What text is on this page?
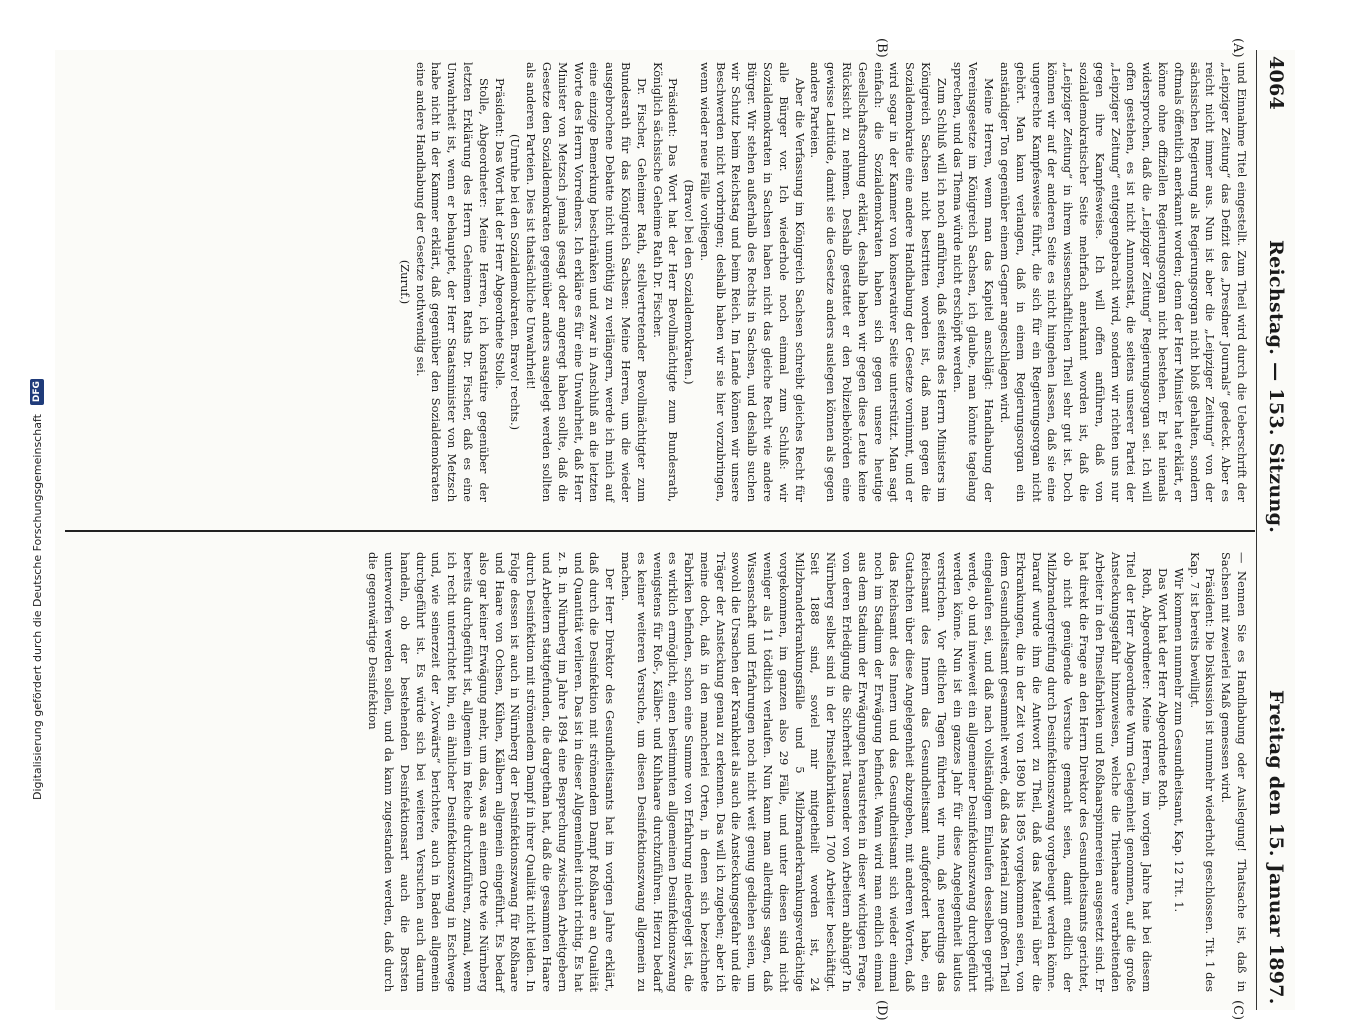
4064
Reichstag. — 153. Sitzung.
Freitag den 15. Januar 1897.
(A)
(B)
(C)
(D)

und Einnahme Titel eingestellt. Zum Theil wird durch die Ueberschrift der „Leipziger Zeitung“ das Defizit des „Dresdner Journals“ gedeckt. Aber es reicht nicht immer aus. Nun ist aber die „Leipziger Zeitung“ von der sächsischen Regierung als Regierungsorgan nicht bloß gehalten, sondern oftmals öffentlich anerkannt worden; denn der Herr Minister hat erklärt, er könne ohne offiziellen Regierungsorgan nicht bestehen. Er hat niemals widersprochen, daß die „Leipziger Zeitung“ Regierungsorgan sei. Ich will offen gestehen, es ist nicht Annnonstat, die seitens unserer Partei der „Leipziger Zeitung“ entgegengebracht wird, sondern wir richten uns nur gegen ihre Kampfesweise. Ich will offen anführen, daß von sozialdemokratischer Seite mehrfach anerkannt worden ist, daß die „Leipziger Zeitung“ in ihrem wissenschaftlichen Theil sehr gut ist. Doch können wir auf der anderen Seite es nicht hingehen lassen, daß sie eine ungerechte Kampfesweise führt, die sich für ein Regierungsorgan nicht gehört. Man kann verlangen, daß in einem Regierungsorgan ein anständiger Ton gegenüber einem Gegner angeschlagen wird.

Meine Herren, wenn man das Kapitel anschlägt: Handhabung der Vereinsgesetze im Königreich Sachsen, ich glaube, man könnte tagelang sprechen, und das Thema würde nicht erschöpft werden.

Zum Schluß will ich noch anführen, daß seitens des Herrn Ministers im Königreich Sachsen nicht bestritten worden ist, daß man gegen die Sozialdemokratie eine andere Handhabung der Gesetze vornimmt, und er wird sogar in der Kammer von konservativer Seite unterstützt. Man sagt einfach: die Sozialdemokraten haben sich gegen unsere heutige Gesellschaftsordnung erklärt, deshalb haben wir gegen diese Leute keine Rücksicht zu nehmen. Deshalb gestattet er den Polizeibehörden eine gewisse Latitüde, damit sie die Gesetze anders auslegen können als gegen andere Parteien.

Aber die Verfassung im Königreich Sachsen schreibt gleiches Recht für alle Bürger vor. Ich wiederhole noch einmal zum Schluß: wir Sozialdemokraten in Sachsen haben nicht das gleiche Recht wie andere Bürger. Wir stehen außerhalb des Rechts in Sachsen, und deshalb suchen wir Schutz beim Reichstag und beim Reich. Im Lande können wir unsere Beschwerden nicht vorbringen; deshalb haben wir sie hier vorzubringen, wenn wieder neue Fälle vorliegen.

(Bravo! bei den Sozialdemokraten.)

Präsident: Das Wort hat der Herr Bevollmächtigte zum Bundesrath, Königlich sächsische Geheime Rath Dr. Fischer.

Dr. Fischer, Geheimer Rath, stellvertretender Bevollmächtigter zum Bundesrath für das Königreich Sachsen: Meine Herren, um die wieder ausgebrochene Debatte nicht unnöthig zu verlängern, werde ich mich auf eine einzige Bemerkung beschränken und zwar in Anschluß an die letzten Worte des Herrn Vorredners. Ich erkläre es für eine Unwahrheit, daß Herr Minister von Metzsch jemals gesagt oder angeregt haben sollte, daß die Gesetze den Sozialdemokraten gegenüber anders ausgelegt werden sollten als anderen Parteien. Dies ist thatsächliche Unwahrheit!

(Unruhe bei den Sozialdemokraten. Bravo! rechts.)

Präsident: Das Wort hat der Herr Abgeordnete Stolle.

Stolle, Abgeordneter: Meine Herren, ich konstatire gegenüber der letzten Erklärung des Herrn Geheimen Raths Dr. Fischer, daß es eine Unwahrheit ist, wenn er behauptet, der Herr Staatsminister von Metzsch habe nicht in der Kammer erklärt, daß gegenüber den Sozialdemokraten eine andere Handhabung der Gesetze nothwendig sei.

(Zuruf.)

— Nennen Sie es Handhabung oder Auslegung! Thatsache ist, daß in Sachsen mit zweierlei Maß gemessen wird.

Präsident: Die Diskussion ist nunmehr wiederholt geschlossen. Tit. 1 des Kap. 7 ist bereits bewilligt.

Wir kommen nunmehr zum Gesundheitsamt, Kap. 12 Tit. 1.

Das Wort hat der Herr Abgeordnete Roth.

Roth, Abgeordneter: Meine Herren, im vorigen Jahre hat bei diesem Titel der Herr Abgeordnete Wurm Gelegenheit genommen, auf die große Ansteckungsgefahr hinzuweisen, welche die Thierhaare verarbeitenden Arbeiter in den Pinselfabriken und Roßhaarspinnereien ausgesetzt sind. Er hat direkt die Frage an den Herrn Direktor des Gesundheitsamts gerichtet, ob nicht genügende Versuche gemacht seien, damit endlich der Milzbrandergreifung durch Desinfektionszwang vorgebeugt werden könne. Darauf wurde ihm die Antwort zu Theil, daß das Material über die Erkrankungen, die in der Zeit von 1890 bis 1895 vorgekommen seien, von dem Gesundheitsamt gesammelt werde, daß das Material zum großen Theil eingelaufen sei, und daß nach vollständigem Einlaufen desselben geprüft werde, ob und inwieweit ein allgemeiner Desinfektionszwang durchgeführt werden könne. Nun ist ein ganzes Jahr für diese Angelegenheit lautlos verstrichen. Vor etlichen Tagen führten wir nun, daß neuerdings das Reichsamt des Innern das Gesundheitsamt aufgefordert habe, ein Gutachten über diese Angelegenheit abzugeben, mit anderen Worten, daß das Reichsamt des Innern und das Gesundheitsamt sich wieder einmal noch im Stadium der Erwägung befindet. Wann wird man endlich einmal aus dem Stadium der Erwägungen heraustreten in dieser wichtigen Frage, von deren Erledigung die Sicherheit Tausender von Arbeitern abhängt? In Nürnberg selbst sind in der Pinselfabrikation 1700 Arbeiter beschäftigt. Seit 1888 sind, soviel mir mitgetheilt worden ist, 24 Milzbranderkrankungsfälle und 5 Milzbranderkrankungsverdächtige vorgekommen, im ganzen also 29 Fälle, und unter diesen sind nicht weniger als 11 tödtlich verlaufen. Nun kann man allerdings sagen, daß Wissenschaft und Erfahrungen noch nicht weit genug gediehen seien, um sowohl die Ursachen der Krankheit als auch die Ansteckungsgefahr und die Träger der Ansteckung genau zu erkennen. Das will ich zugeben; aber ich meine doch, daß in den mancherlei Orten, in denen sich bezeichnete Fabriken befinden, schon eine Summe von Erfahrung niedergelegt ist, die es wirklich ermöglicht, einen bestimmten allgemeinen Desinfektionszwang wenigstens für Roß-, Kälber- und Kuhhaare durchzuführen. Hierzu bedarf es keiner weiteren Versuche, um diesen Desinfektionszwang allgemein zu machen.

Der Herr Direktor des Gesundheitsamts hat im vorigen Jahre erklärt, daß durch die Desinfektion mit strömendem Dampf Roßhaare an Qualität und Quantität verlieren. Das ist in dieser Allgemeinheit nicht richtig. Es hat z. B. in Nürnberg im Jahre 1894 eine Besprechung zwischen Arbeitgebern und Arbeitern stattgefunden, die dargethan hat, daß die gesammten Haare durch Desinfektion mit strömendem Dampf in ihrer Qualität nicht leiden. In Folge dessen ist auch in Nürnberg der Desinfektionszwang für Roßhaare und Haare von Ochsen, Kühen, Kälbern allgemein eingeführt. Es bedarf also gar keiner Erwägung mehr, um das, was an einem Orte wie Nürnberg bereits durchgeführt ist, allgemein im Reiche durchzuführen, zumal, wenn ich recht unterrichtet bin, ein ähnlicher Desinfektionszwang in Eschwege und, wie seinerzeit der „Vorwärts“ berichtete, auch in Baden allgemein durchgeführt ist. Es würde sich bei weiteren Versuchen auch darum handeln, ob der bestehenden Desinfektionsart auch die Borsten unterworfen werden sollen, und da kann zugestanden werden, daß durch die gegenwärtige Desinfektion

Digitalisierung gefördert durch die Deutsche Forschungsgemeinschaft DFG
